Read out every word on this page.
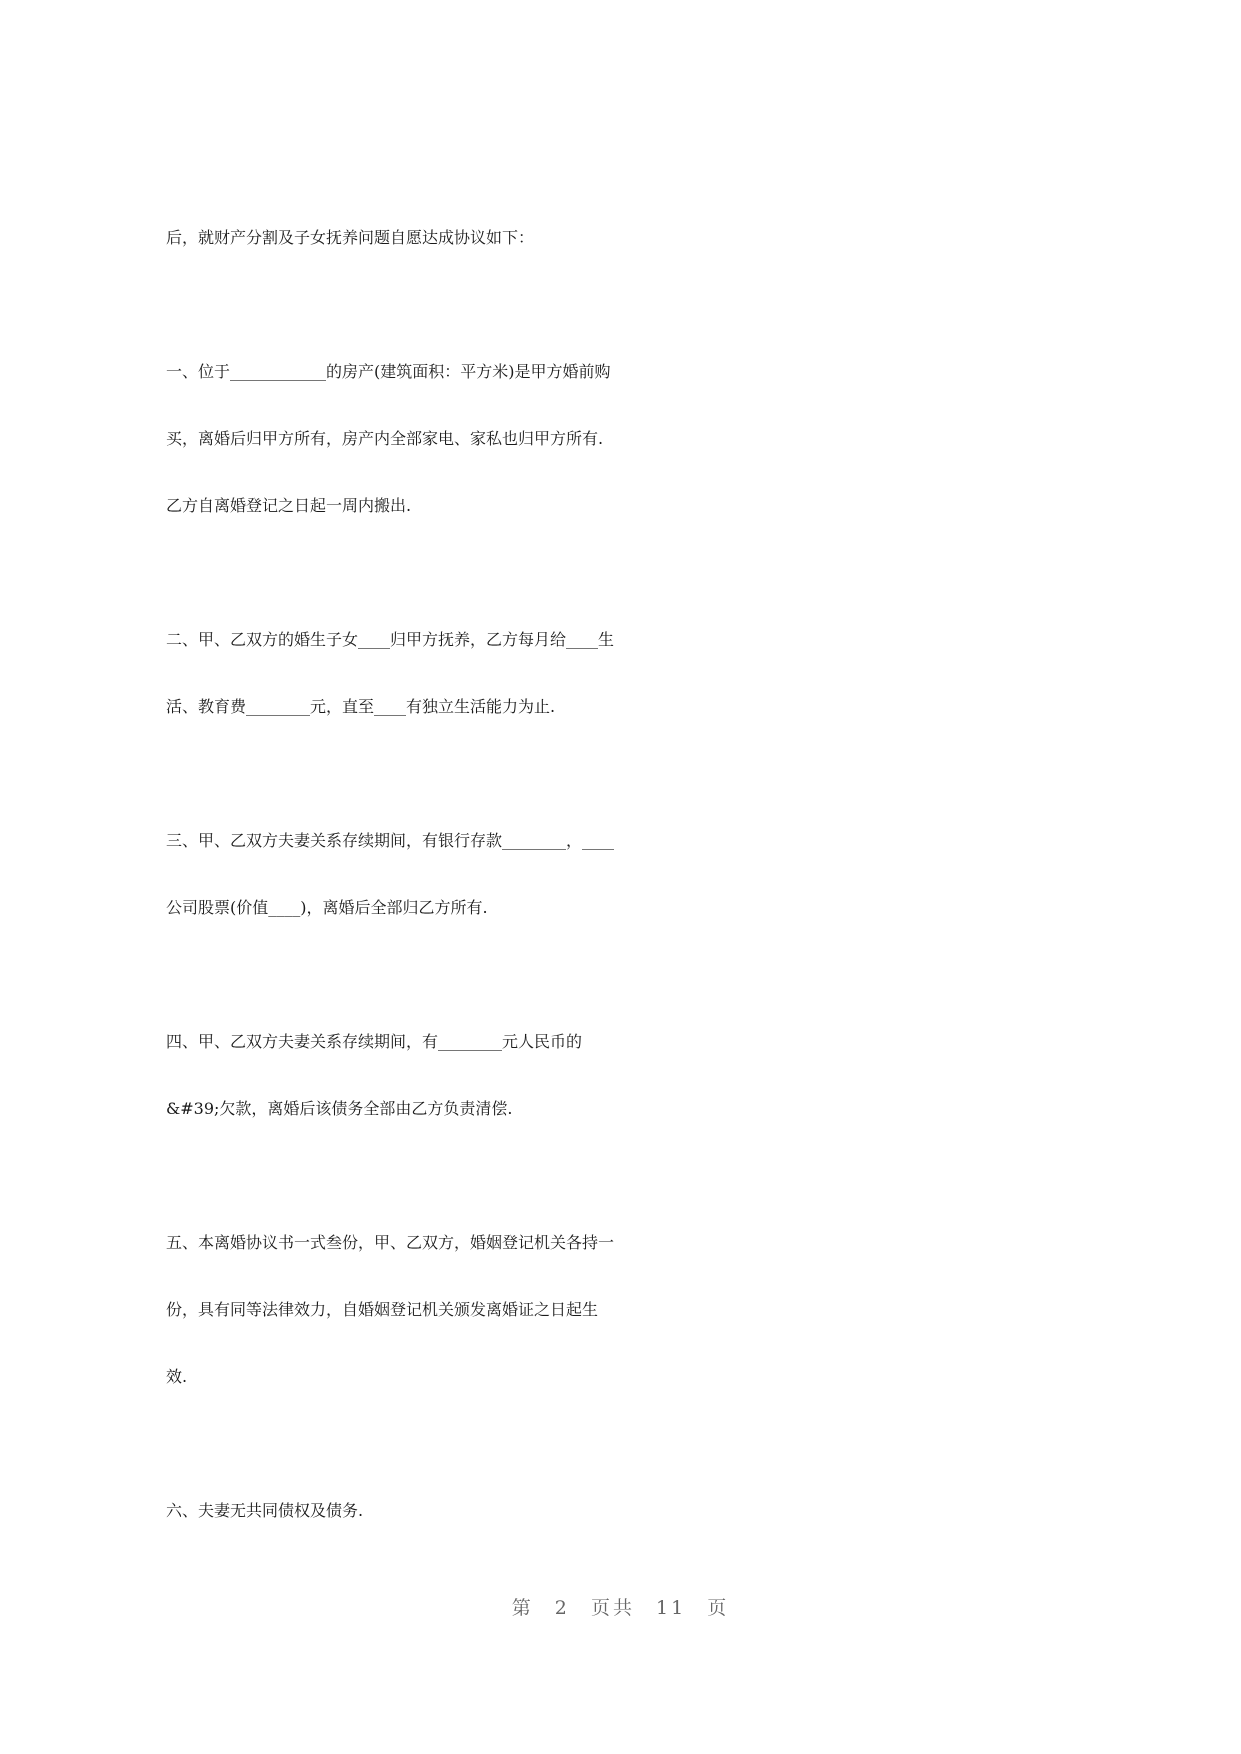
后，就财产分割及子女抚养问题自愿达成协议如下：
一、位于____________的房产(建筑面积：平方米)是甲方婚前购
买，离婚后归甲方所有，房产内全部家电、家私也归甲方所有.
乙方自离婚登记之日起一周内搬出.
二、甲、乙双方的婚生子女____归甲方抚养，乙方每月给____生
活、教育费________元，直至____有独立生活能力为止.
三、甲、乙双方夫妻关系存续期间，有银行存款________，____
公司股票(价值____)，离婚后全部归乙方所有.
四、甲、乙双方夫妻关系存续期间，有________元人民币的
&#39;欠款，离婚后该债务全部由乙方负责清偿.
五、本离婚协议书一式叁份，甲、乙双方，婚姻登记机关各持一
份，具有同等法律效力，自婚姻登记机关颁发离婚证之日起生
效.
六、夫妻无共同债权及债务.
第 2 页共 11 页
